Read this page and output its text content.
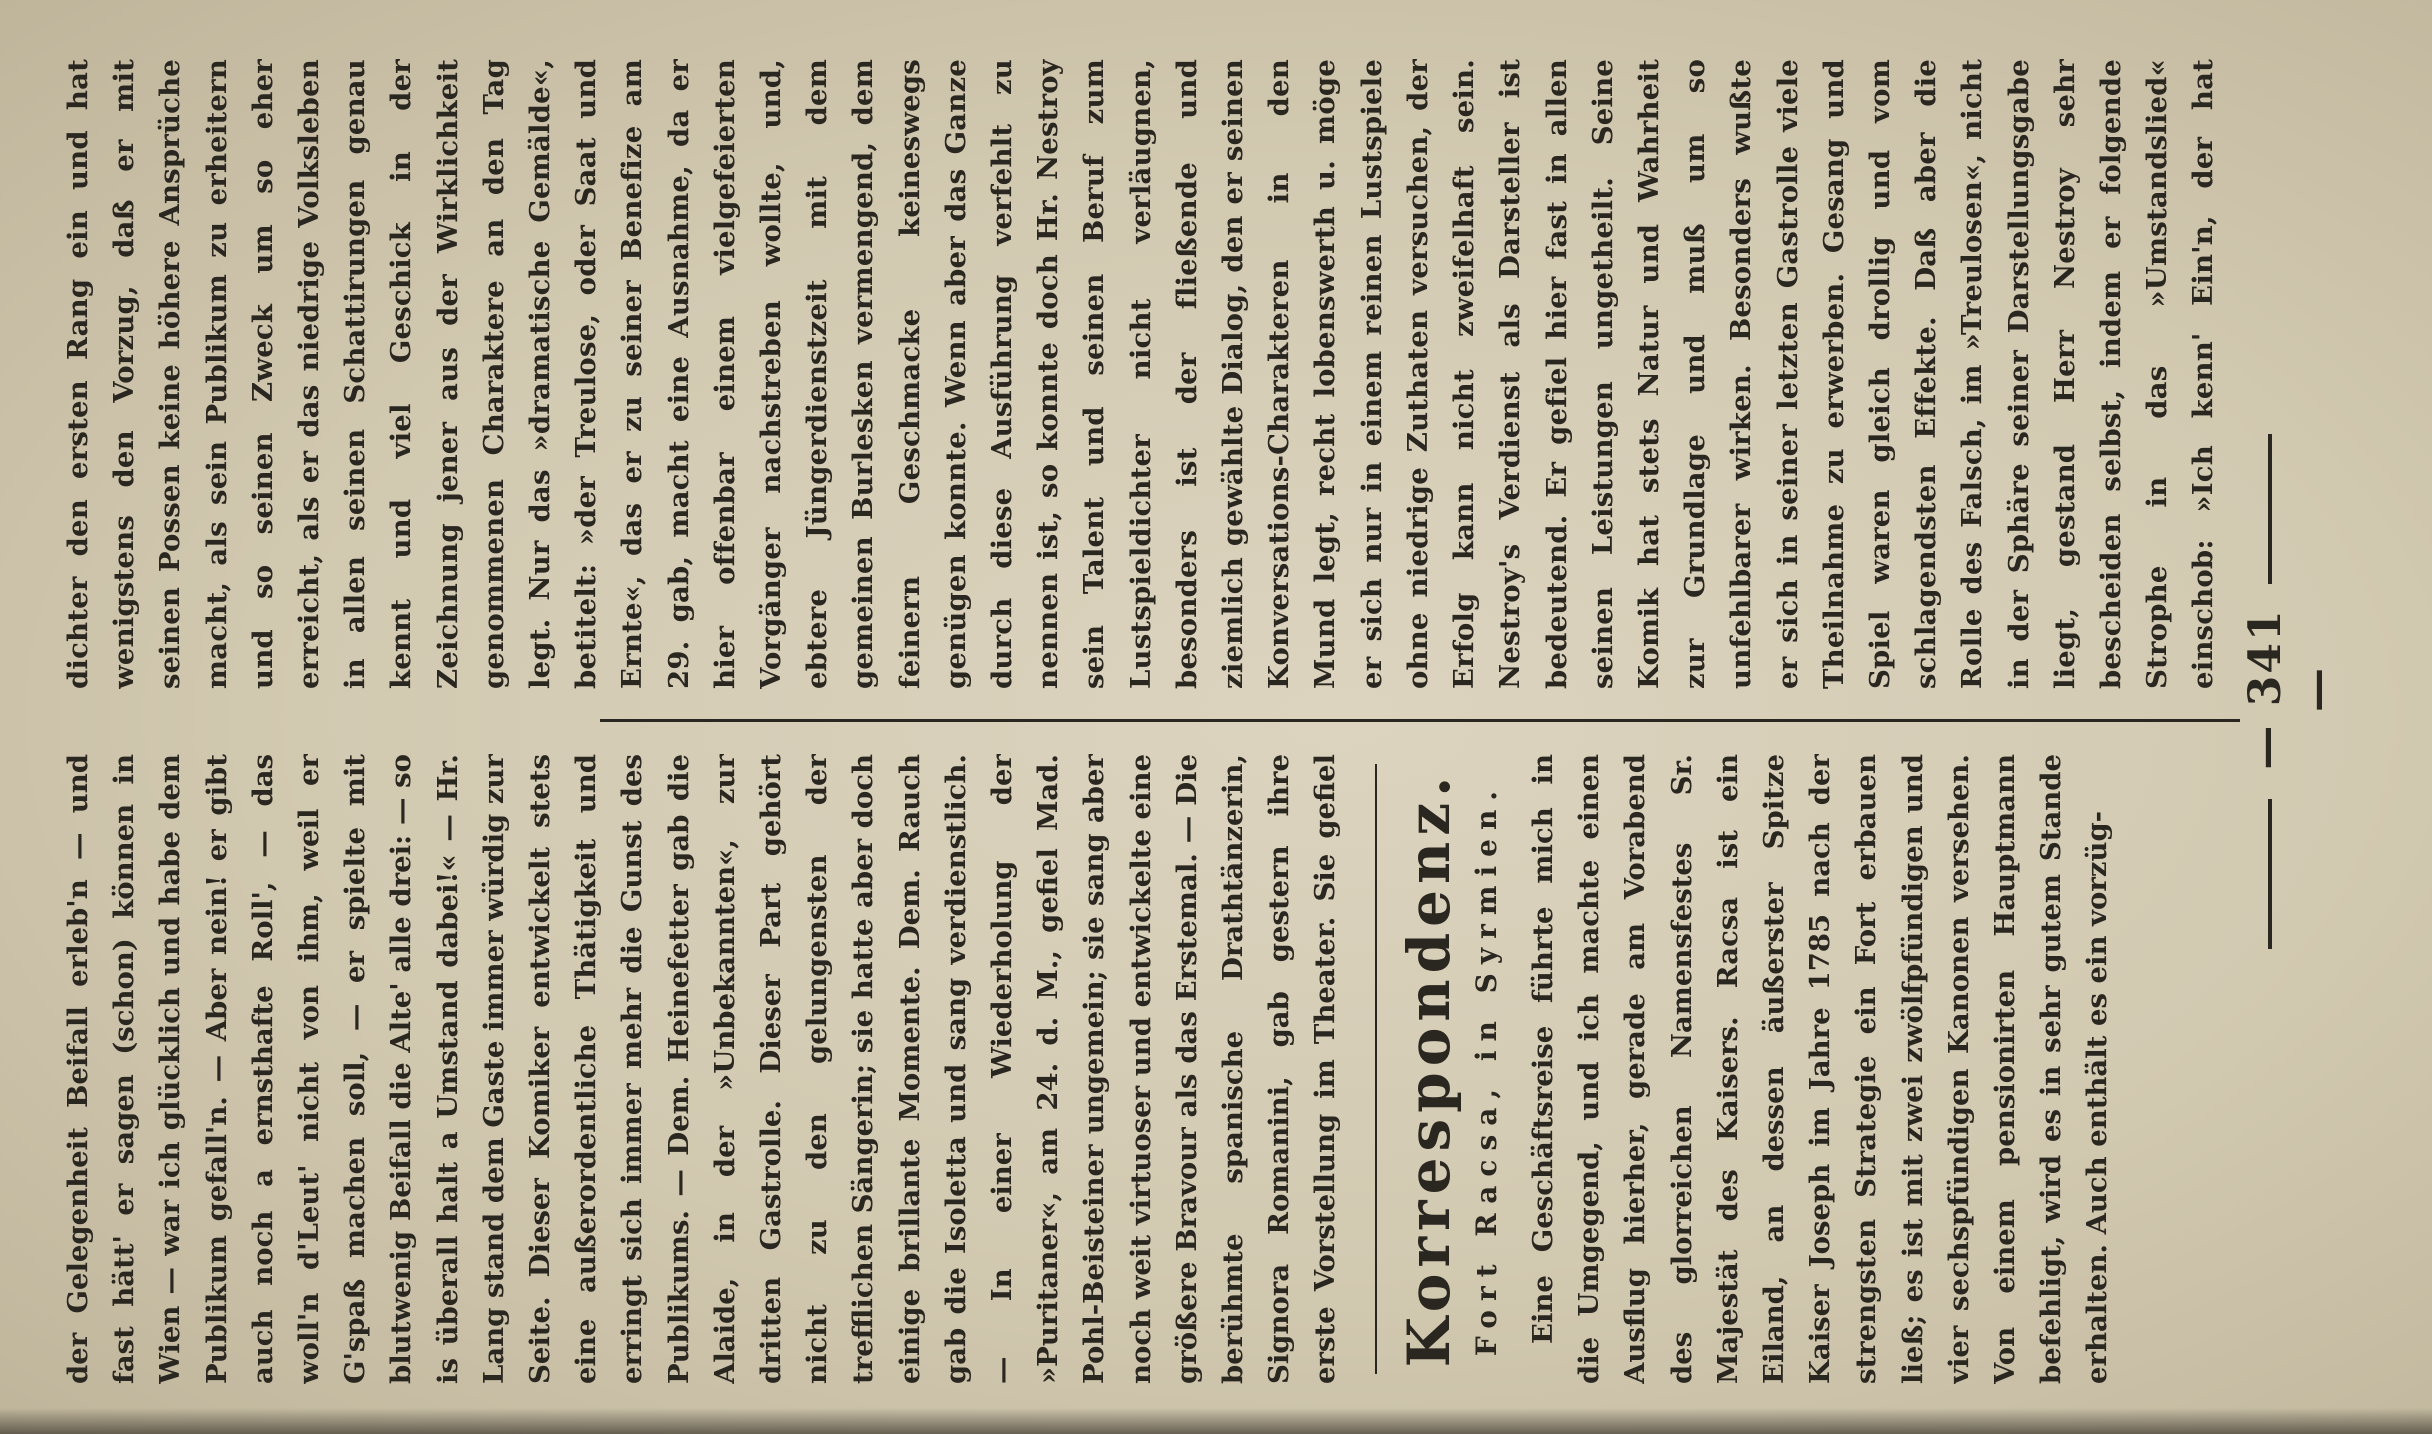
— 341 —

dichter den ersten Rang ein und hat wenigstens den Vorzug, daß er mit seinen Possen keine höhere Ansprüche macht, als sein Publikum zu erheitern und so seinen Zweck um so eher erreicht, als er das niedrige Volksleben in allen seinen Schattirungen genau kennt und viel Geschick in der Zeichnung jener aus der Wirklichkeit genommenen Charaktere an den Tag legt. Nur das »dramatische Gemälde«, betitelt: »der Treulose, oder Saat und Ernte«, das er zu seiner Benefize am 29. gab, macht eine Ausnahme, da er hier offenbar einem vielgefeierten Vorgänger nachstreben wollte, und, ebtere Jüngerdienstzeit mit dem gemeinen Burlesken vermengend, dem feinern Geschmacke keineswegs genügen konnte. Wenn aber das Ganze durch diese Ausführung verfehlt zu nennen ist, so konnte doch Hr. Nestroy sein Talent und seinen Beruf zum Lustspieldichter nicht verläugnen, besonders ist der fließende und ziemlich gewählte Dialog, den er seinen Konversations-Charakteren in den Mund legt, recht lobenswerth u. möge er sich nur in einem reinen Lustspiele ohne niedrige Zuthaten versuchen, der Erfolg kann nicht zweifelhaft sein. Nestroy's Verdienst als Darsteller ist bedeutend. Er gefiel hier fast in allen seinen Leistungen ungetheilt. Seine Komik hat stets Natur und Wahrheit zur Grundlage und muß um so unfehlbarer wirken. Besonders wußte er sich in seiner letzten Gastrolle viele Theilnahme zu erwerben. Gesang und Spiel waren gleich drollig und vom schlagendsten Effekte. Daß aber die Rolle des Falsch, im »Treulosen«, nicht in der Sphäre seiner Darstellungsgabe liegt, gestand Herr Nestroy sehr bescheiden selbst, indem er folgende Strophe in das »Umstandslied« einschob: »Ich kenn' Ein'n, der hat

der Gelegenheit Beifall erleb'n — und fast hätt' er sagen (schon) können in Wien — war ich glücklich und habe dem Publikum gefall'n. — Aber nein! er gibt auch noch a ernsthafte Roll', — das woll'n d'Leut' nicht von ihm, weil er G'spaß machen soll, — er spielte mit blutwenig Beifall die Alte' alle drei: — so is überall halt a Umstand dabei!« — Hr. Lang stand dem Gaste immer würdig zur Seite. Dieser Komiker entwickelt stets eine außerordentliche Thätigkeit und erringt sich immer mehr die Gunst des Publikums. — Dem. Heinefetter gab die Alaide, in der »Unbekannten«, zur dritten Gastrolle. Dieser Part gehört nicht zu den gelungensten der trefflichen Sängerin; sie hatte aber doch einige brillante Momente. Dem. Rauch gab die Isoletta und sang verdienstlich. — In einer Wiederholung der »Puritaner«, am 24. d. M., gefiel Mad. Pohl-Beisteiner ungemein; sie sang aber noch weit virtuoser und entwickelte eine größere Bravour als das Erstemal. — Die berühmte spanische Drathtänzerin, Signora Romanini, gab gestern ihre erste Vorstellung im Theater. Sie gefiel Korrespondenz. Fort Racsa, in Syrmien. Eine Geschäftsreise führte mich in die Umgegend, und ich machte einen Ausflug hierher, gerade am Vorabend des glorreichen Namensfestes Sr. Majestät des Kaisers. Racsa ist ein Eiland, an dessen äußerster Spitze Kaiser Joseph im Jahre 1785 nach der strengsten Strategie ein Fort erbauen ließ; es ist mit zwei zwölfpfündigen und vier sechspfündigen Kanonen versehen. Von einem pensionirten Hauptmann befehligt, wird es in sehr gutem Stande erhalten. Auch enthält es ein vorzüg-
